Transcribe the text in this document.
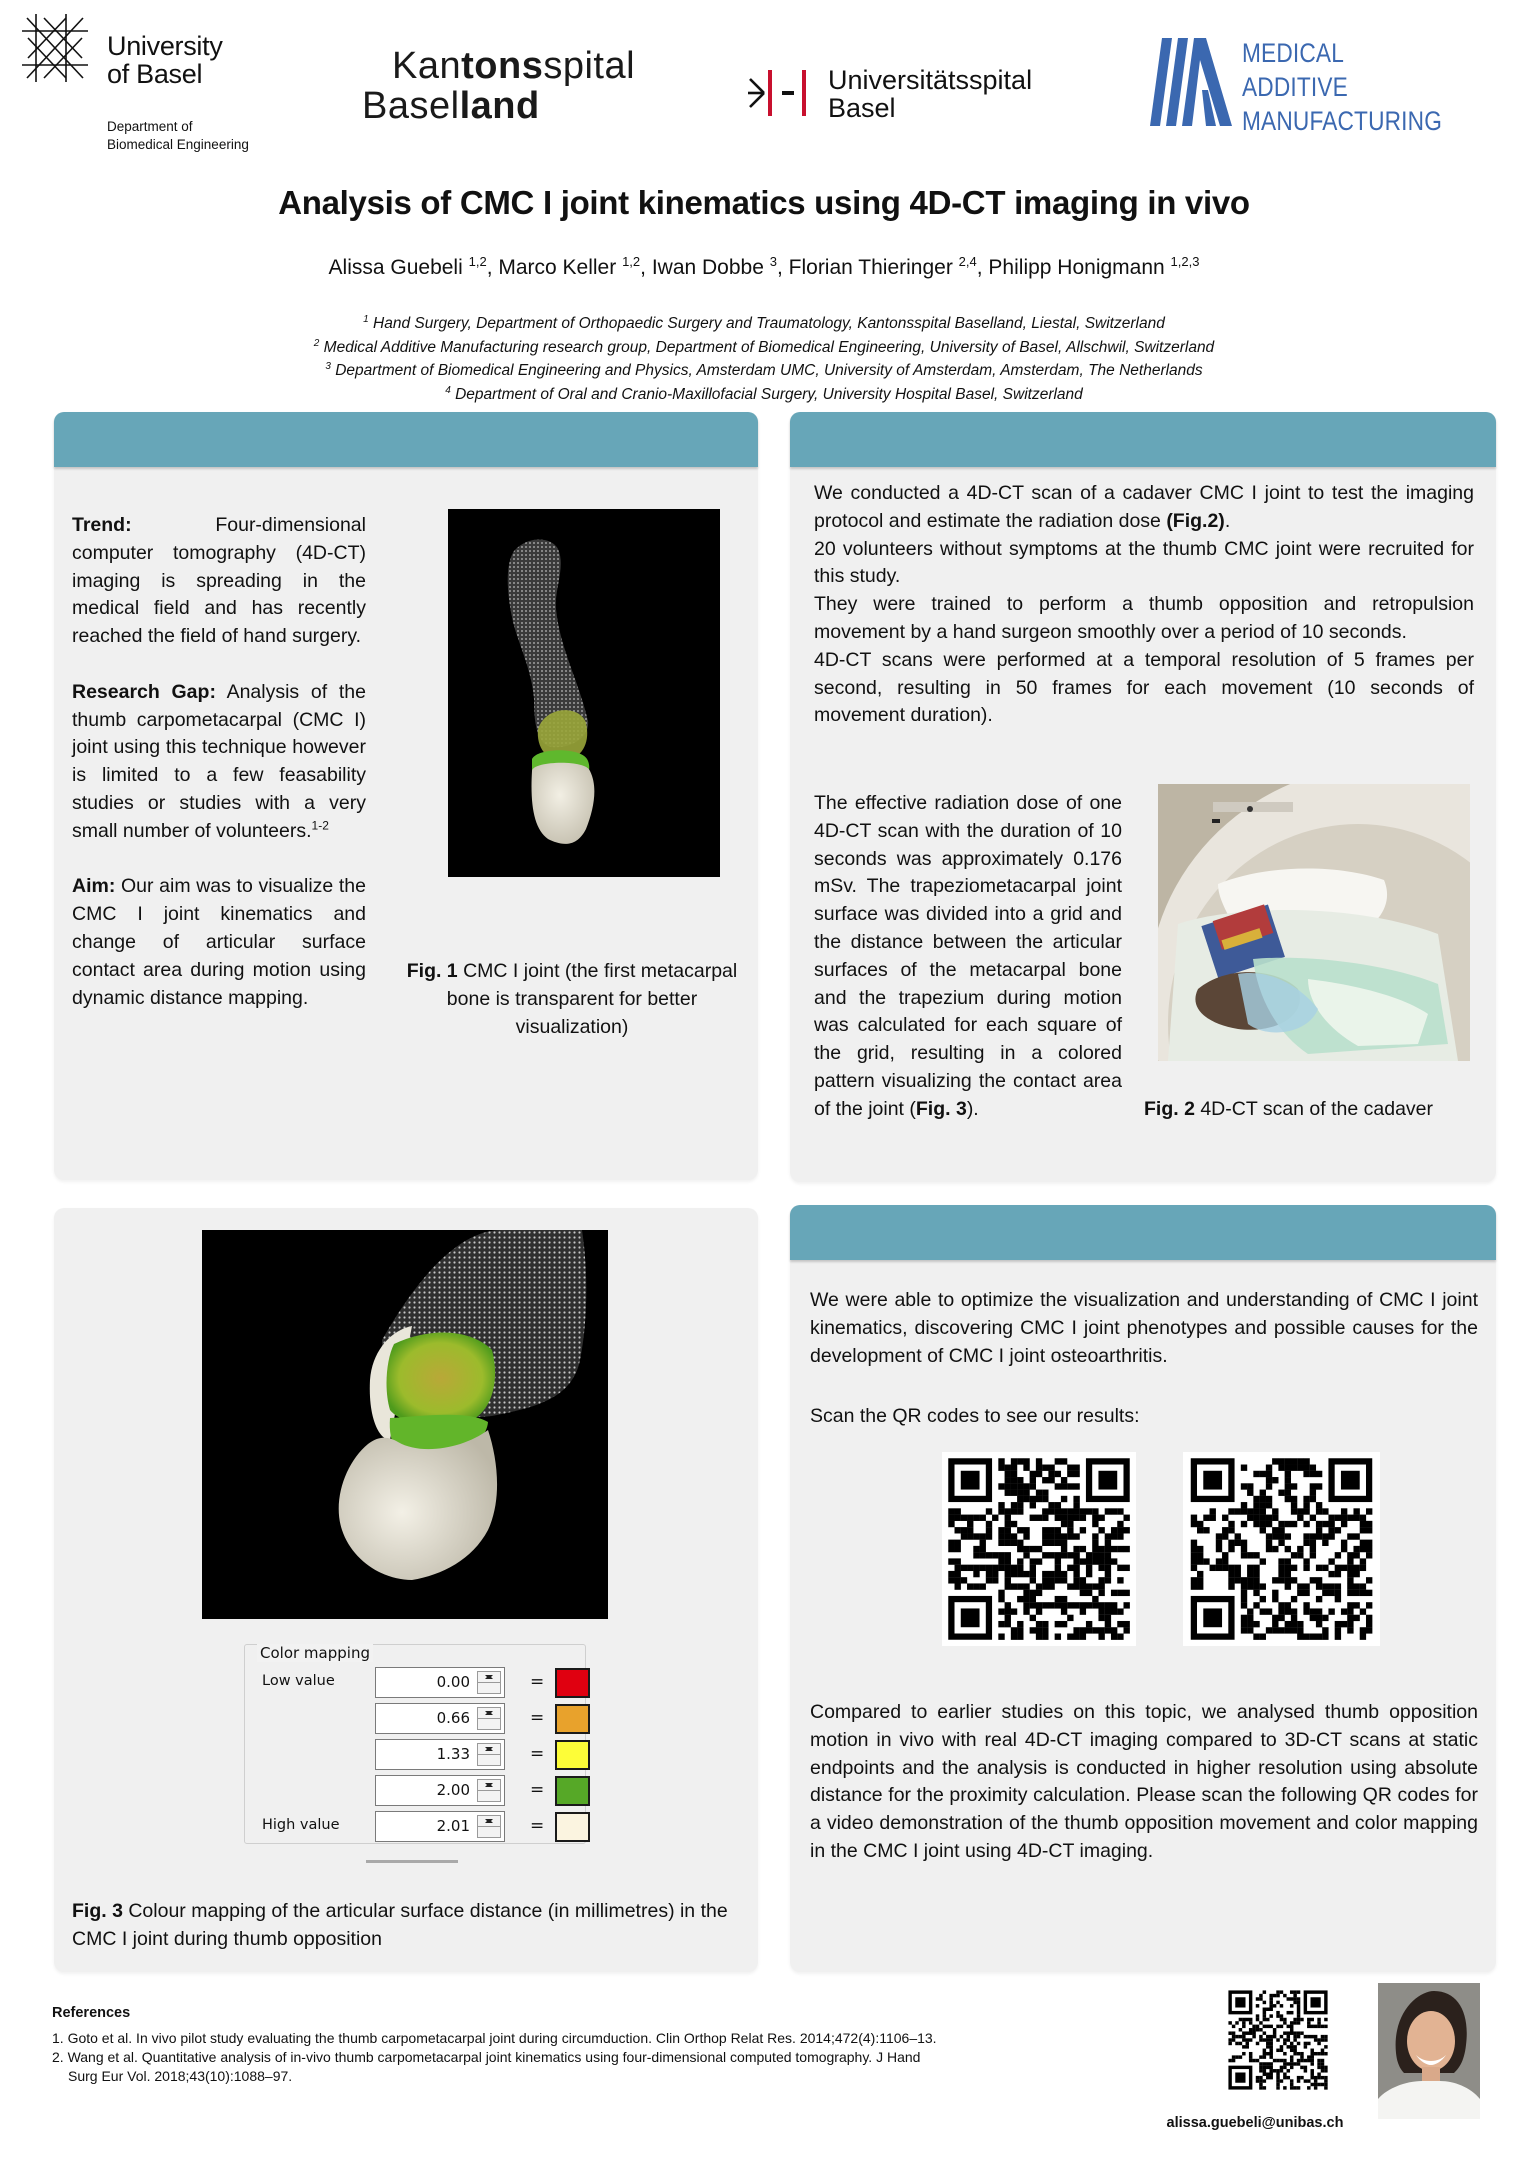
University
of Basel
Department of
Biomedical Engineering
Kantonsspital
Baselland
Universitätsspital
Basel
MEDICAL
ADDITIVE
MANUFACTURING
Analysis of CMC I joint kinematics using 4D-CT imaging in vivo
Alissa Guebeli $^{1,2}$, Marco Keller $^{1,2}$, Iwan Dobbe $^3$, Florian Thieringer $^{2,4}$, Philipp Honigmann $^{1,2,3}$
$^1$ Hand Surgery, Department of Orthopaedic Surgery and Traumatology, Kantonsspital Baselland, Liestal, Switzerland
$^2$ Medical Additive Manufacturing research group, Department of Biomedical Engineering, University of Basel, Allschwil, Switzerland
$^3$ Department of Biomedical Engineering and Physics, Amsterdam UMC, University of Amsterdam, Amsterdam, The Netherlands
$^4$ Department of Oral and Cranio-Maxillofacial Surgery, University Hospital Basel, Switzerland

Trend: Four-dimensional computer tomography (4D-CT) imaging is spreading in the medical field and has recently reached the field of hand surgery.

Research Gap: Analysis of the thumb carpometacarpal (CMC I) joint using this technique however is limited to a few feasability studies or studies with a very small number of volunteers.$^{1-2}$

Aim: Our aim was to visualize the CMC I joint kinematics and change of articular surface contact area during motion using dynamic distance mapping.

Fig. 1 CMC I joint (the first metacarpal bone is transparent for better visualization)

We conducted a 4D-CT scan of a cadaver CMC I joint to test the imaging protocol and estimate the radiation dose (Fig.2).

20 volunteers without symptoms at the thumb CMC joint were recruited for this study.

They were trained to perform a thumb opposition and retropulsion movement by a hand surgeon smoothly over a period of 10 seconds.

4D-CT scans were performed at a temporal resolution of 5 frames per second, resulting in 50 frames for each movement (10 seconds of movement duration).

The effective radiation dose of one 4D-CT scan with the duration of 10 seconds was approximately 0.176 mSv. The trapeziometacarpal joint surface was divided into a grid and the distance between the articular surfaces of the metacarpal bone and the trapezium during motion was calculated for each square of the grid, resulting in a colored pattern visualizing the contact area of the joint (Fig. 3).	Fig. 2 4D-CT scan of the cadaver
Color mapping
Low value	0.00	=
0.66	=
1.33	=
2.00	=
High value	2.01	=
Fig. 3 Colour mapping of the articular surface distance (in millimetres) in the CMC I joint during thumb opposition

We were able to optimize the visualization and understanding of CMC I joint kinematics, discovering CMC I joint phenotypes and possible causes for the development of CMC I joint osteoarthritis.

Scan the QR codes to see our results:

Compared to earlier studies on this topic, we analysed thumb opposition motion in vivo with real 4D-CT imaging compared to 3D-CT scans at static endpoints and the analysis is conducted in higher resolution using absolute distance for the proximity calculation. Please scan the following QR codes for a video demonstration of the thumb opposition movement and color mapping in the CMC I joint using 4D-CT imaging.

References
1. Goto et al. In vivo pilot study evaluating the thumb carpometacarpal joint during circumduction. Clin Orthop Relat Res. 2014;472(4):1106–13.
2. Wang et al. Quantitative analysis of in-vivo thumb carpometacarpal joint kinematics using four-dimensional computed tomography. J Hand
Surg Eur Vol. 2018;43(10):1088–97.
alissa.guebeli@unibas.ch
